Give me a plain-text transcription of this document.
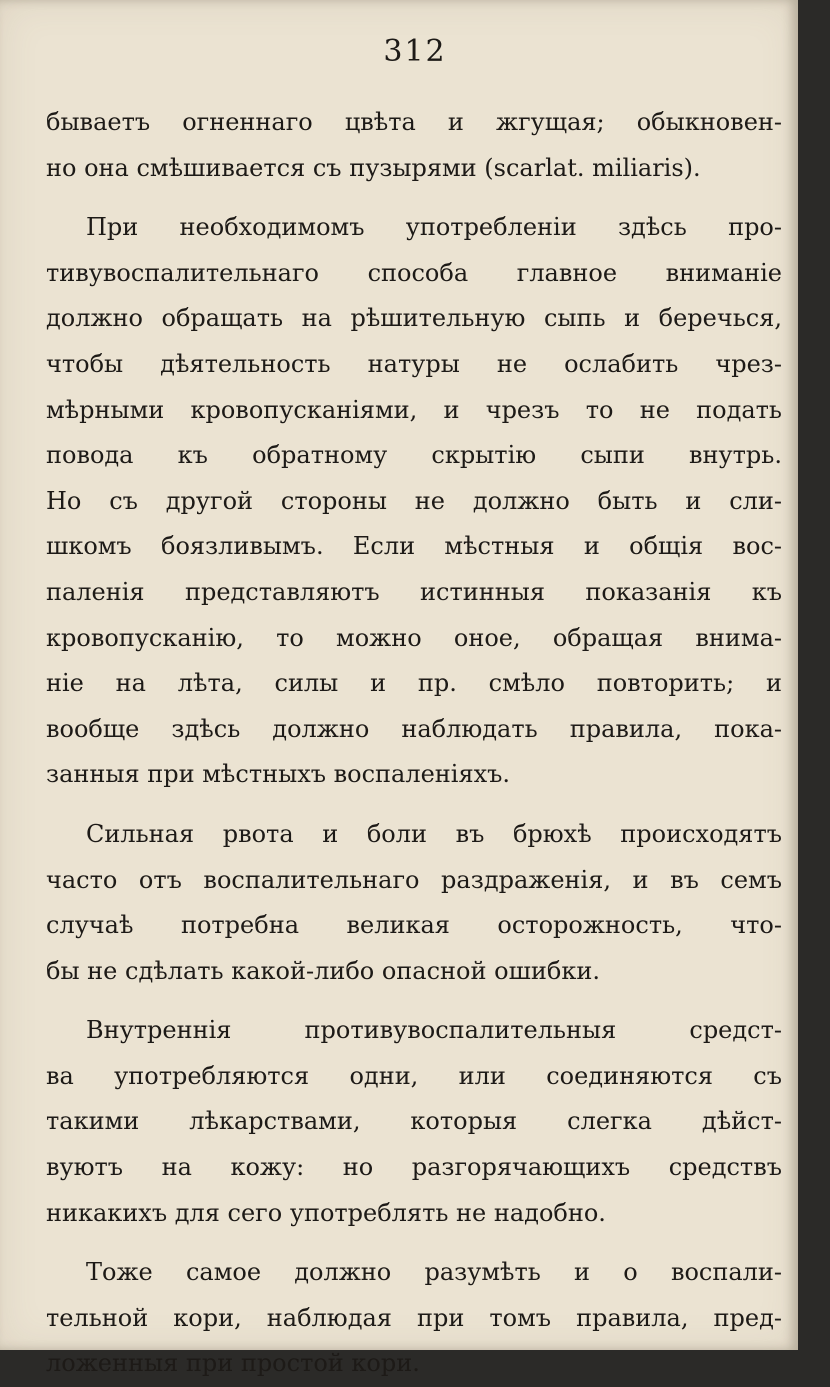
312
бываетъ огненнаго цвѣта и жгущая; обыкновен-
но она смѣшивается съ пузырями (scarlat. miliaris).
При необходимомъ употребленіи здѣсь про-
тивувоспалительнаго способа главное вниманіе
должно обращать на рѣшительную сыпь и беречься,
чтобы дѣятельность натуры не ослабить чрез-
мѣрными кровопусканіями, и чрезъ то не подать
повода къ обратному скрытію сыпи внутрь.
Но съ другой стороны не должно быть и сли-
шкомъ боязливымъ. Если мѣстныя и общія вос-
паленія представляютъ истинныя показанія къ
кровопусканію, то можно оное, обращая внима-
ніе на лѣта, силы и пр. смѣло повторить; и
вообще здѣсь должно наблюдать правила, пока-
занныя при мѣстныхъ воспаленіяхъ.
Сильная рвота и боли въ брюхѣ происходятъ
часто отъ воспалительнаго раздраженія, и въ семъ
случаѣ потребна великая осторожность, что-
бы не сдѣлать какой-либо опасной ошибки.
Внутреннія противувоспалительныя средст-
ва употребляются одни, или соединяются съ
такими лѣкарствами, которыя слегка дѣйст-
вуютъ на кожу: но разгорячающихъ средствъ
никакихъ для сего употреблять не надобно.
Тоже самое должно разумѣть и о воспали-
тельной кори, наблюдая при томъ правила, пред-
ложенныя при простой кори.
